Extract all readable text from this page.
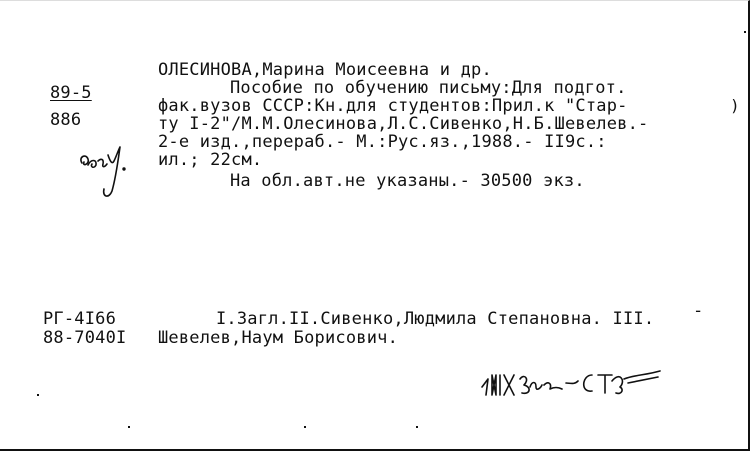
89-5
886
ОЛЕСИНОВА,Марина Моисеевна и др.
Пособие по обучению письму:Для подгот.
фак.вузов СССР:Кн.для студентов:Прил.к "Стар-
ту I-2"/М.М.Олесинова,Л.С.Сивенко,Н.Б.Шевелев.-
2-е изд.,перераб.- М.:Рус.яз.,1988.- II9с.:
ил.; 22см.
На обл.авт.не указаны.- 30500 экз.
)
РГ-4I66
88-7040I
I.Загл.II.Сивенко,Людмила Степановна. III.
Шевелев,Наум Борисович.
-
